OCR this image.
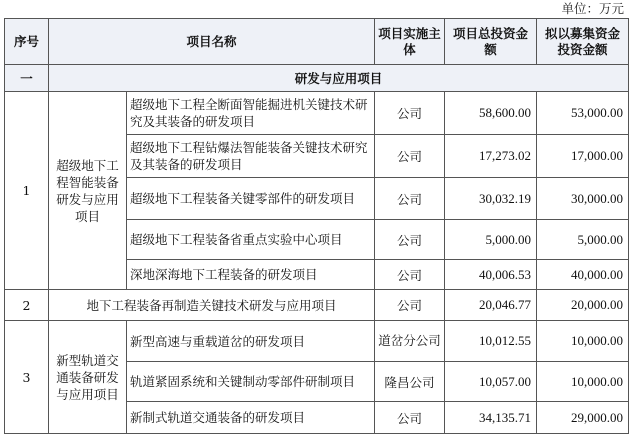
单位：万元
序号	项目名称		项目实施主体	项目总投资金额	拟以募集资金投资金额
一	研发与应用项目				
1	超级地下工程智能装备研发与应用项目	超级地下工程全断面智能掘进机关键技术研究及其装备的研发项目	公司	58,600.00	53,000.00
		超级地下工程钻爆法智能装备关键技术研究及其装备的研发项目	公司	17,273.02	17,000.00
		超级地下工程装备关键零部件的研发项目	公司	30,032.19	30,000.00
		超级地下工程装备省重点实验中心项目	公司	5,000.00	5,000.00
		深地深海地下工程装备的研发项目	公司	40,006.53	40,000.00
2	地下工程装备再制造关键技术研发与应用项目		公司	20,046.77	20,000.00
3	新型轨道交通装备研发与应用项目	新型高速与重载道岔的研发项目	道岔分公司	10,012.55	10,000.00
		轨道紧固系统和关键制动零部件研制项目	隆昌公司	10,057.00	10,000.00
		新制式轨道交通装备的研发项目	公司	34,135.71	29,000.00
